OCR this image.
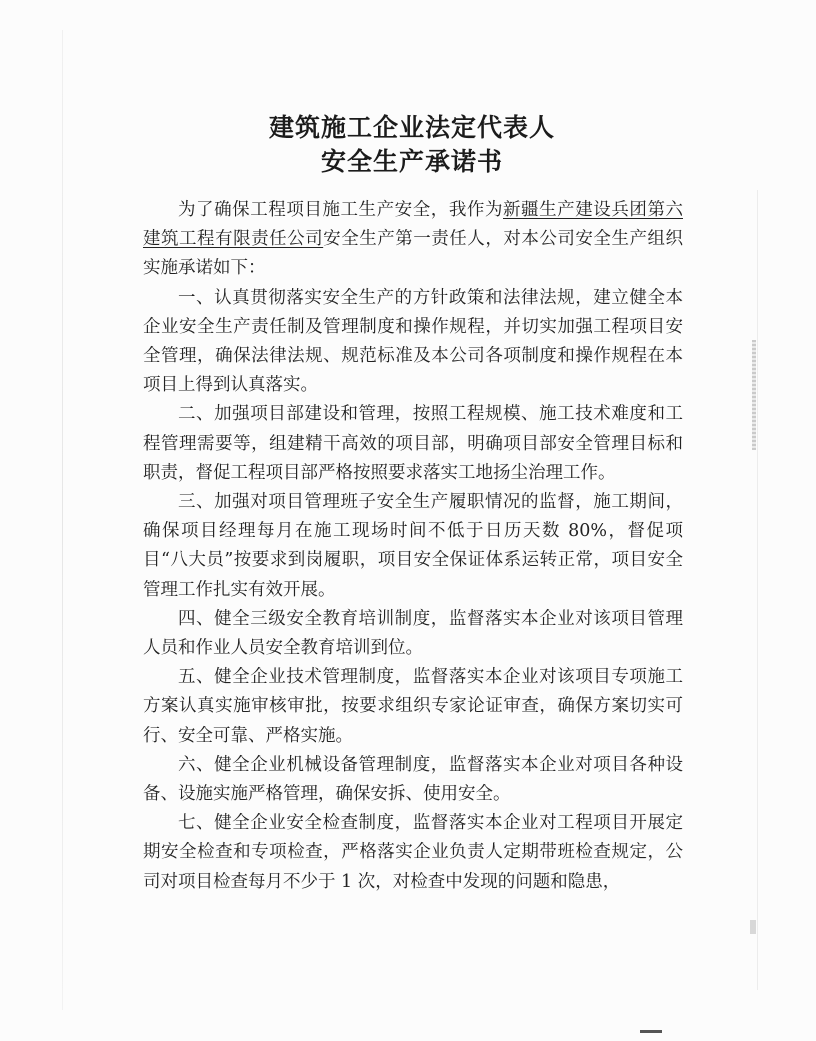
建筑施工企业法定代表人
安全生产承诺书

为了确保工程项目施工生产安全，我作为新疆生产建设兵团第六建筑工程有限责任公司安全生产第一责任人，对本公司安全生产组织实施承诺如下：

一、认真贯彻落实安全生产的方针政策和法律法规，建立健全本企业安全生产责任制及管理制度和操作规程，并切实加强工程项目安全管理，确保法律法规、规范标准及本公司各项制度和操作规程在本项目上得到认真落实。

二、加强项目部建设和管理，按照工程规模、施工技术难度和工程管理需要等，组建精干高效的项目部，明确项目部安全管理目标和职责，督促工程项目部严格按照要求落实工地扬尘治理工作。

三、加强对项目管理班子安全生产履职情况的监督，施工期间，确保项目经理每月在施工现场时间不低于日历天数 80%，督促项目“八大员”按要求到岗履职，项目安全保证体系运转正常，项目安全管理工作扎实有效开展。

四、健全三级安全教育培训制度，监督落实本企业对该项目管理人员和作业人员安全教育培训到位。

五、健全企业技术管理制度，监督落实本企业对该项目专项施工方案认真实施审核审批，按要求组织专家论证审查，确保方案切实可行、安全可靠、严格实施。

六、健全企业机械设备管理制度，监督落实本企业对项目各种设备、设施实施严格管理，确保安拆、使用安全。

七、健全企业安全检查制度，监督落实本企业对工程项目开展定期安全检查和专项检查，严格落实企业负责人定期带班检查规定，公司对项目检查每月不少于 1 次，对检查中发现的问题和隐患，
